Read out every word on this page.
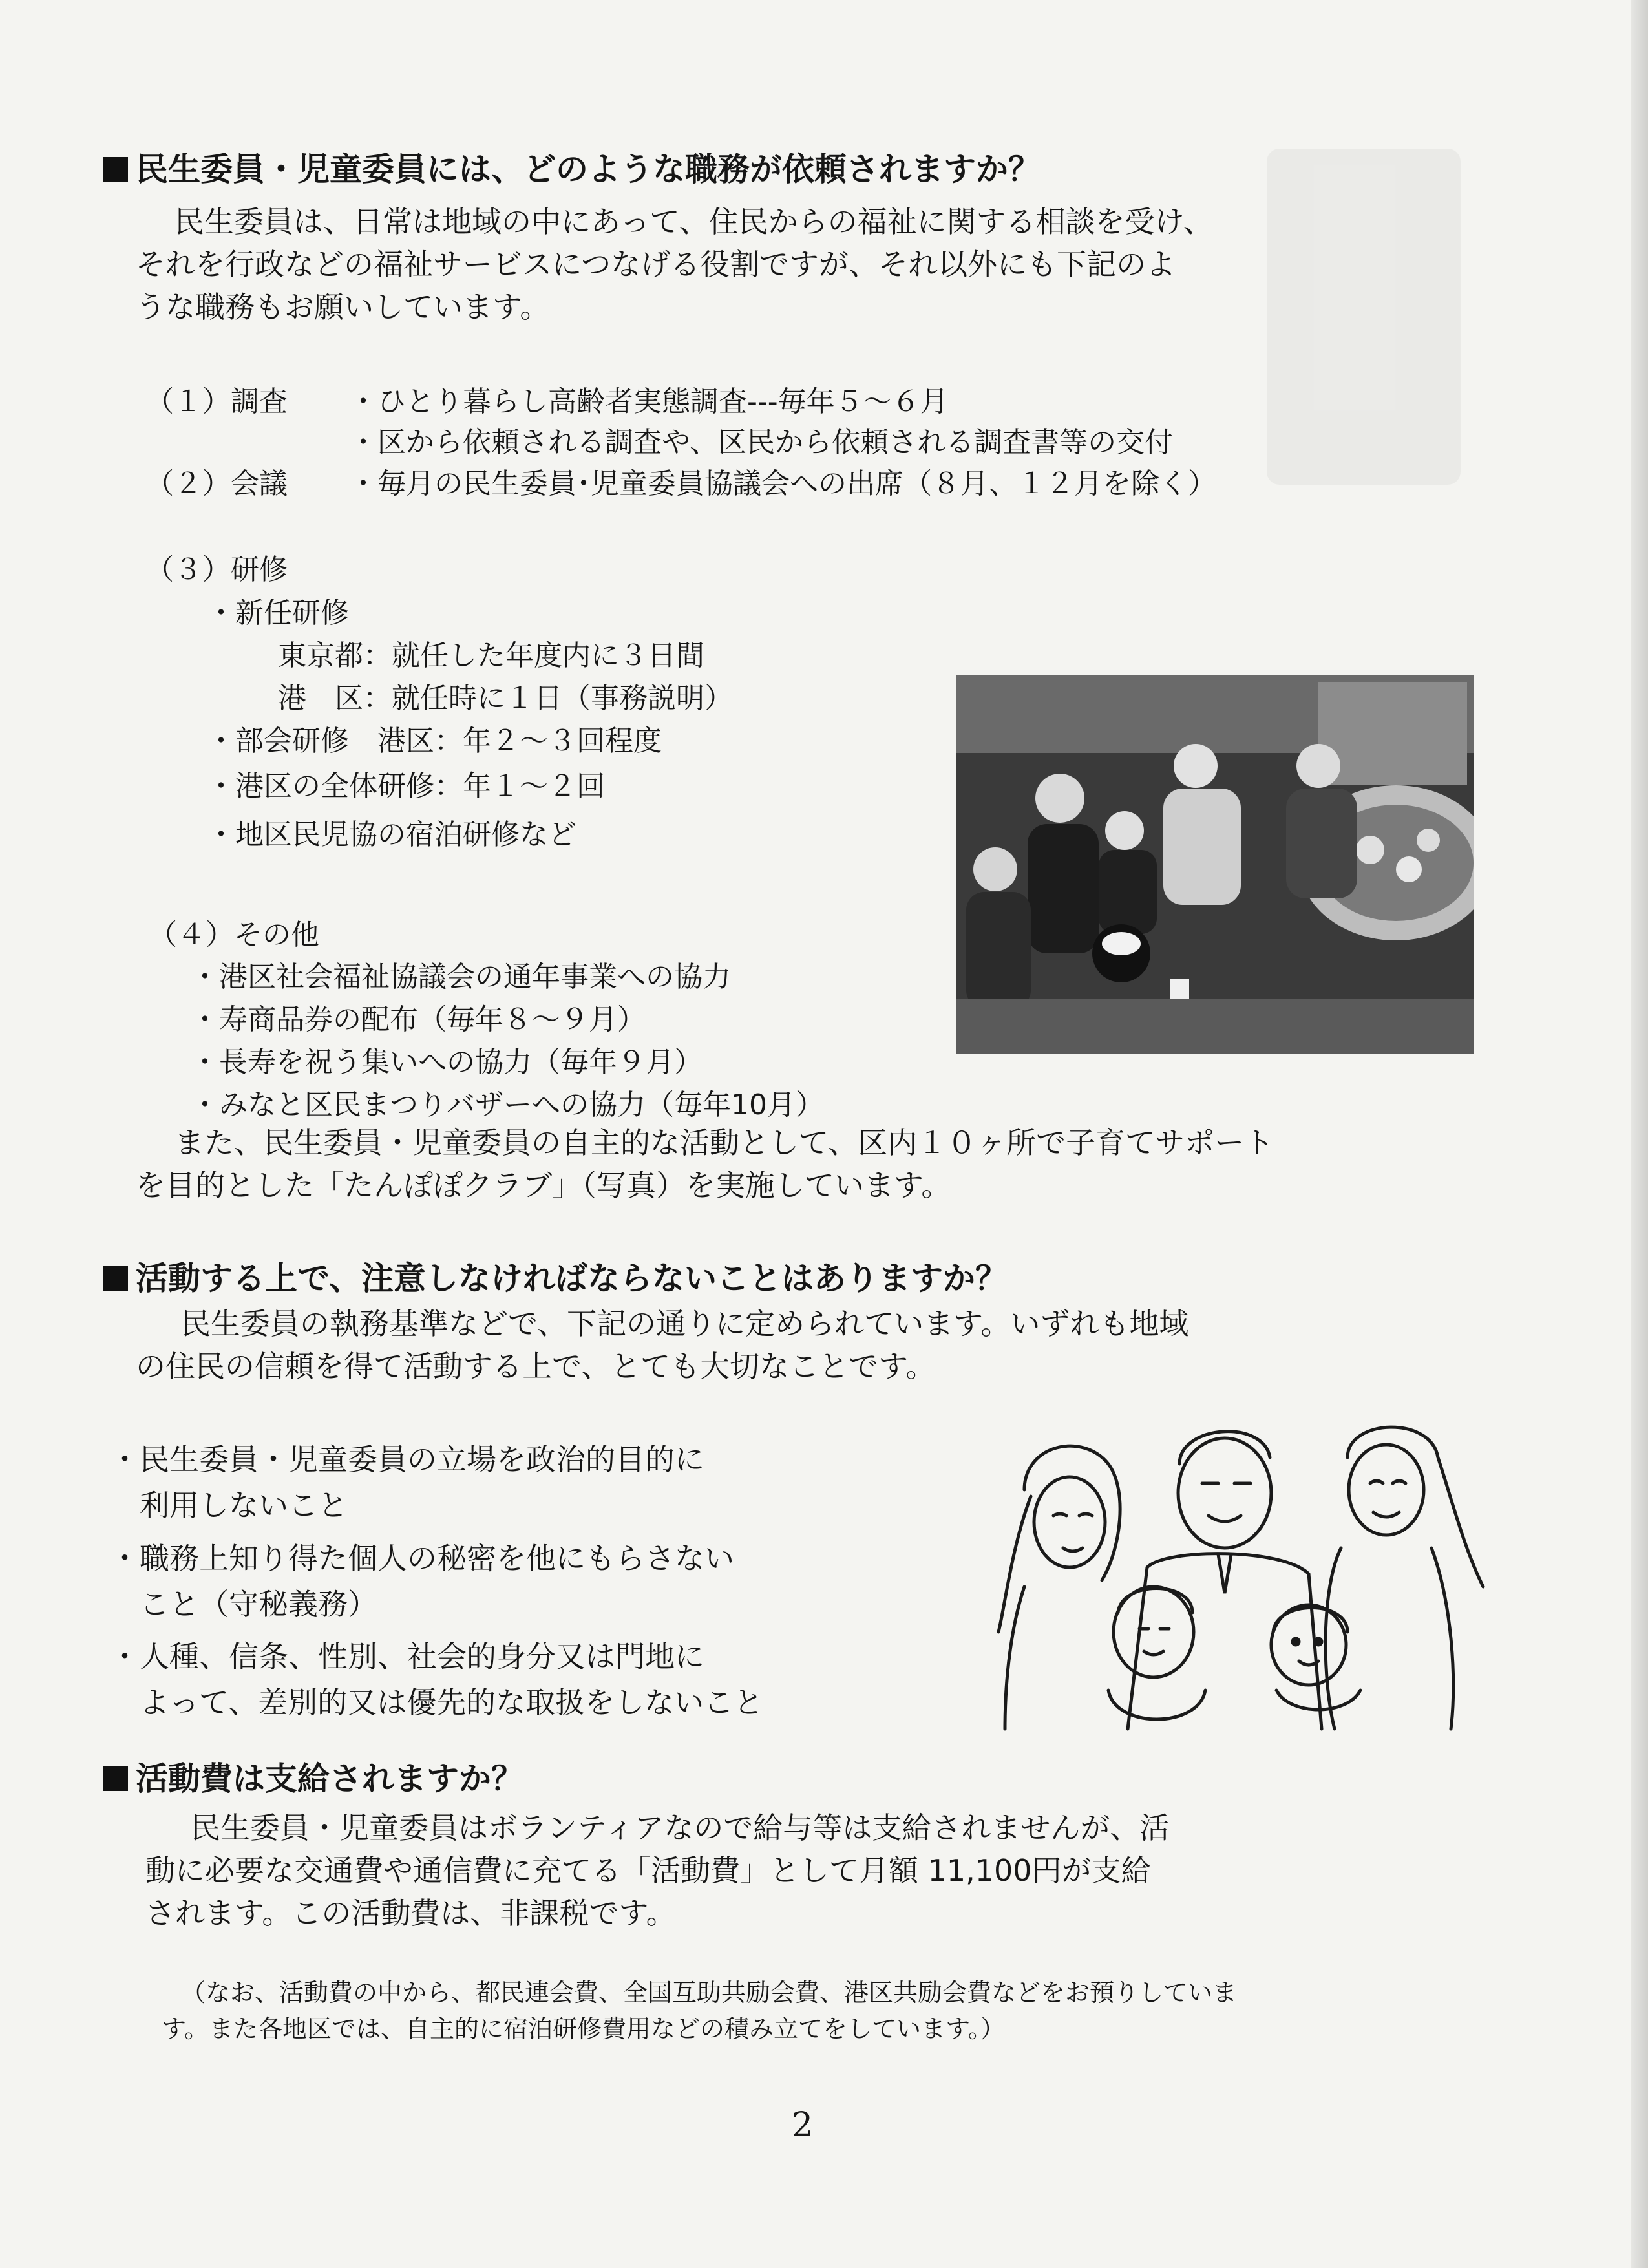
民生委員・児童委員には、どのような職務が依頼されますか？
民生委員は、日常は地域の中にあって、住民からの福祉に関する相談を受け、
それを行政などの福祉サービスにつなげる役割ですが、それ以外にも下記のよ
うな職務もお願いしています。
（１）調査 ・ひとり暮らし高齢者実態調査---毎年５～６月
・区から依頼される調査や、区民から依頼される調査書等の交付
（２）会議 ・毎月の民生委員･児童委員協議会への出席（８月、１２月を除く）
（３）研修
・新任研修
東京都：就任した年度内に３日間
港　区：就任時に１日（事務説明）
・部会研修　港区：年２～３回程度
・港区の全体研修：年１～２回
・地区民児協の宿泊研修など
（４）その他
・港区社会福祉協議会の通年事業への協力
・寿商品券の配布（毎年８～９月）
・長寿を祝う集いへの協力（毎年９月）
・みなと区民まつりバザーへの協力（毎年10月）
また、民生委員・児童委員の自主的な活動として、区内１０ヶ所で子育てサポート
を目的とした「たんぽぽクラブ」（写真）を実施しています。
活動する上で、注意しなければならないことはありますか？
民生委員の執務基準などで、下記の通りに定められています。いずれも地域
の住民の信頼を得て活動する上で、とても大切なことです。
・民生委員・児童委員の立場を政治的目的に
　利用しないこと
・職務上知り得た個人の秘密を他にもらさない
　こと（守秘義務）
・人種、信条、性別、社会的身分又は門地に
　よって、差別的又は優先的な取扱をしないこと
活動費は支給されますか？
民生委員・児童委員はボランティアなので給与等は支給されませんが、活
動に必要な交通費や通信費に充てる「活動費」として月額 11,100円が支給
されます。この活動費は、非課税です。
（なお、活動費の中から、都民連会費、全国互助共励会費、港区共励会費などをお預りしていま
す。また各地区では、自主的に宿泊研修費用などの積み立てをしています。）
2
